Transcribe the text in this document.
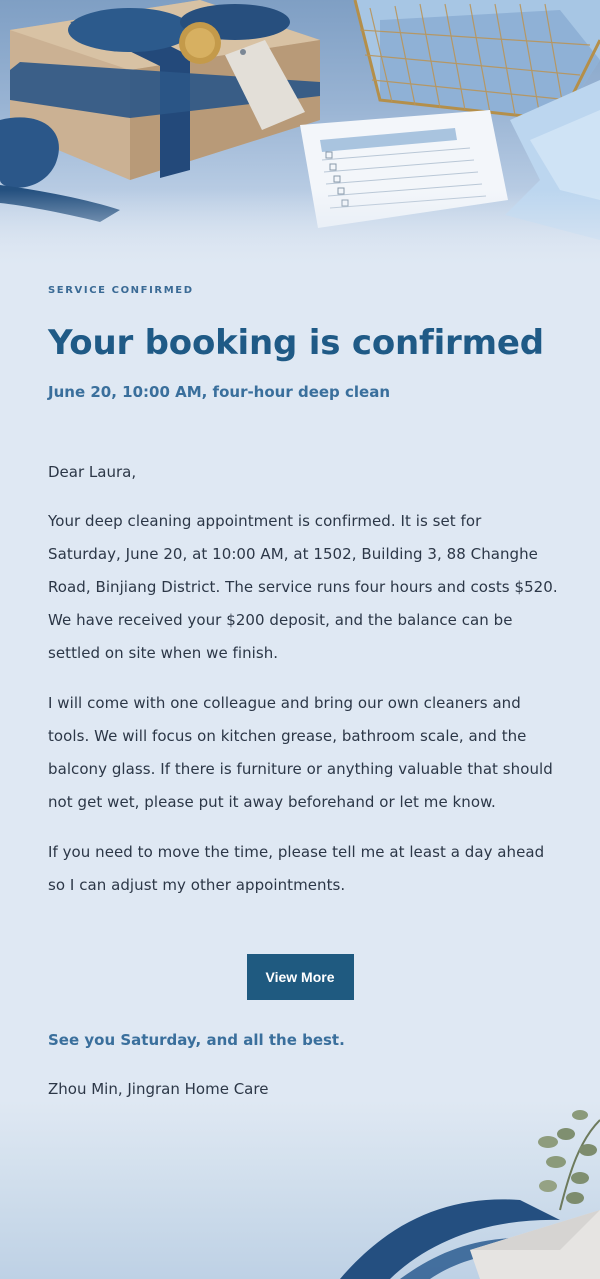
SERVICE CONFIRMED
Your booking is confirmed
June 20, 10:00 AM, four-hour deep clean

Dear Laura,

Your deep cleaning appointment is confirmed. It is set for Saturday, June 20, at 10:00 AM, at 1502, Building 3, 88 Changhe Road, Binjiang District. The service runs four hours and costs $520. We have received your $200 deposit, and the balance can be settled on site when we finish.

I will come with one colleague and bring our own cleaners and tools. We will focus on kitchen grease, bathroom scale, and the balcony glass. If there is furniture or anything valuable that should not get wet, please put it away beforehand or let me know.

If you need to move the time, please tell me at least a day ahead so I can adjust my other appointments.

View More

See you Saturday, and all the best.

Zhou Min, Jingran Home Care
